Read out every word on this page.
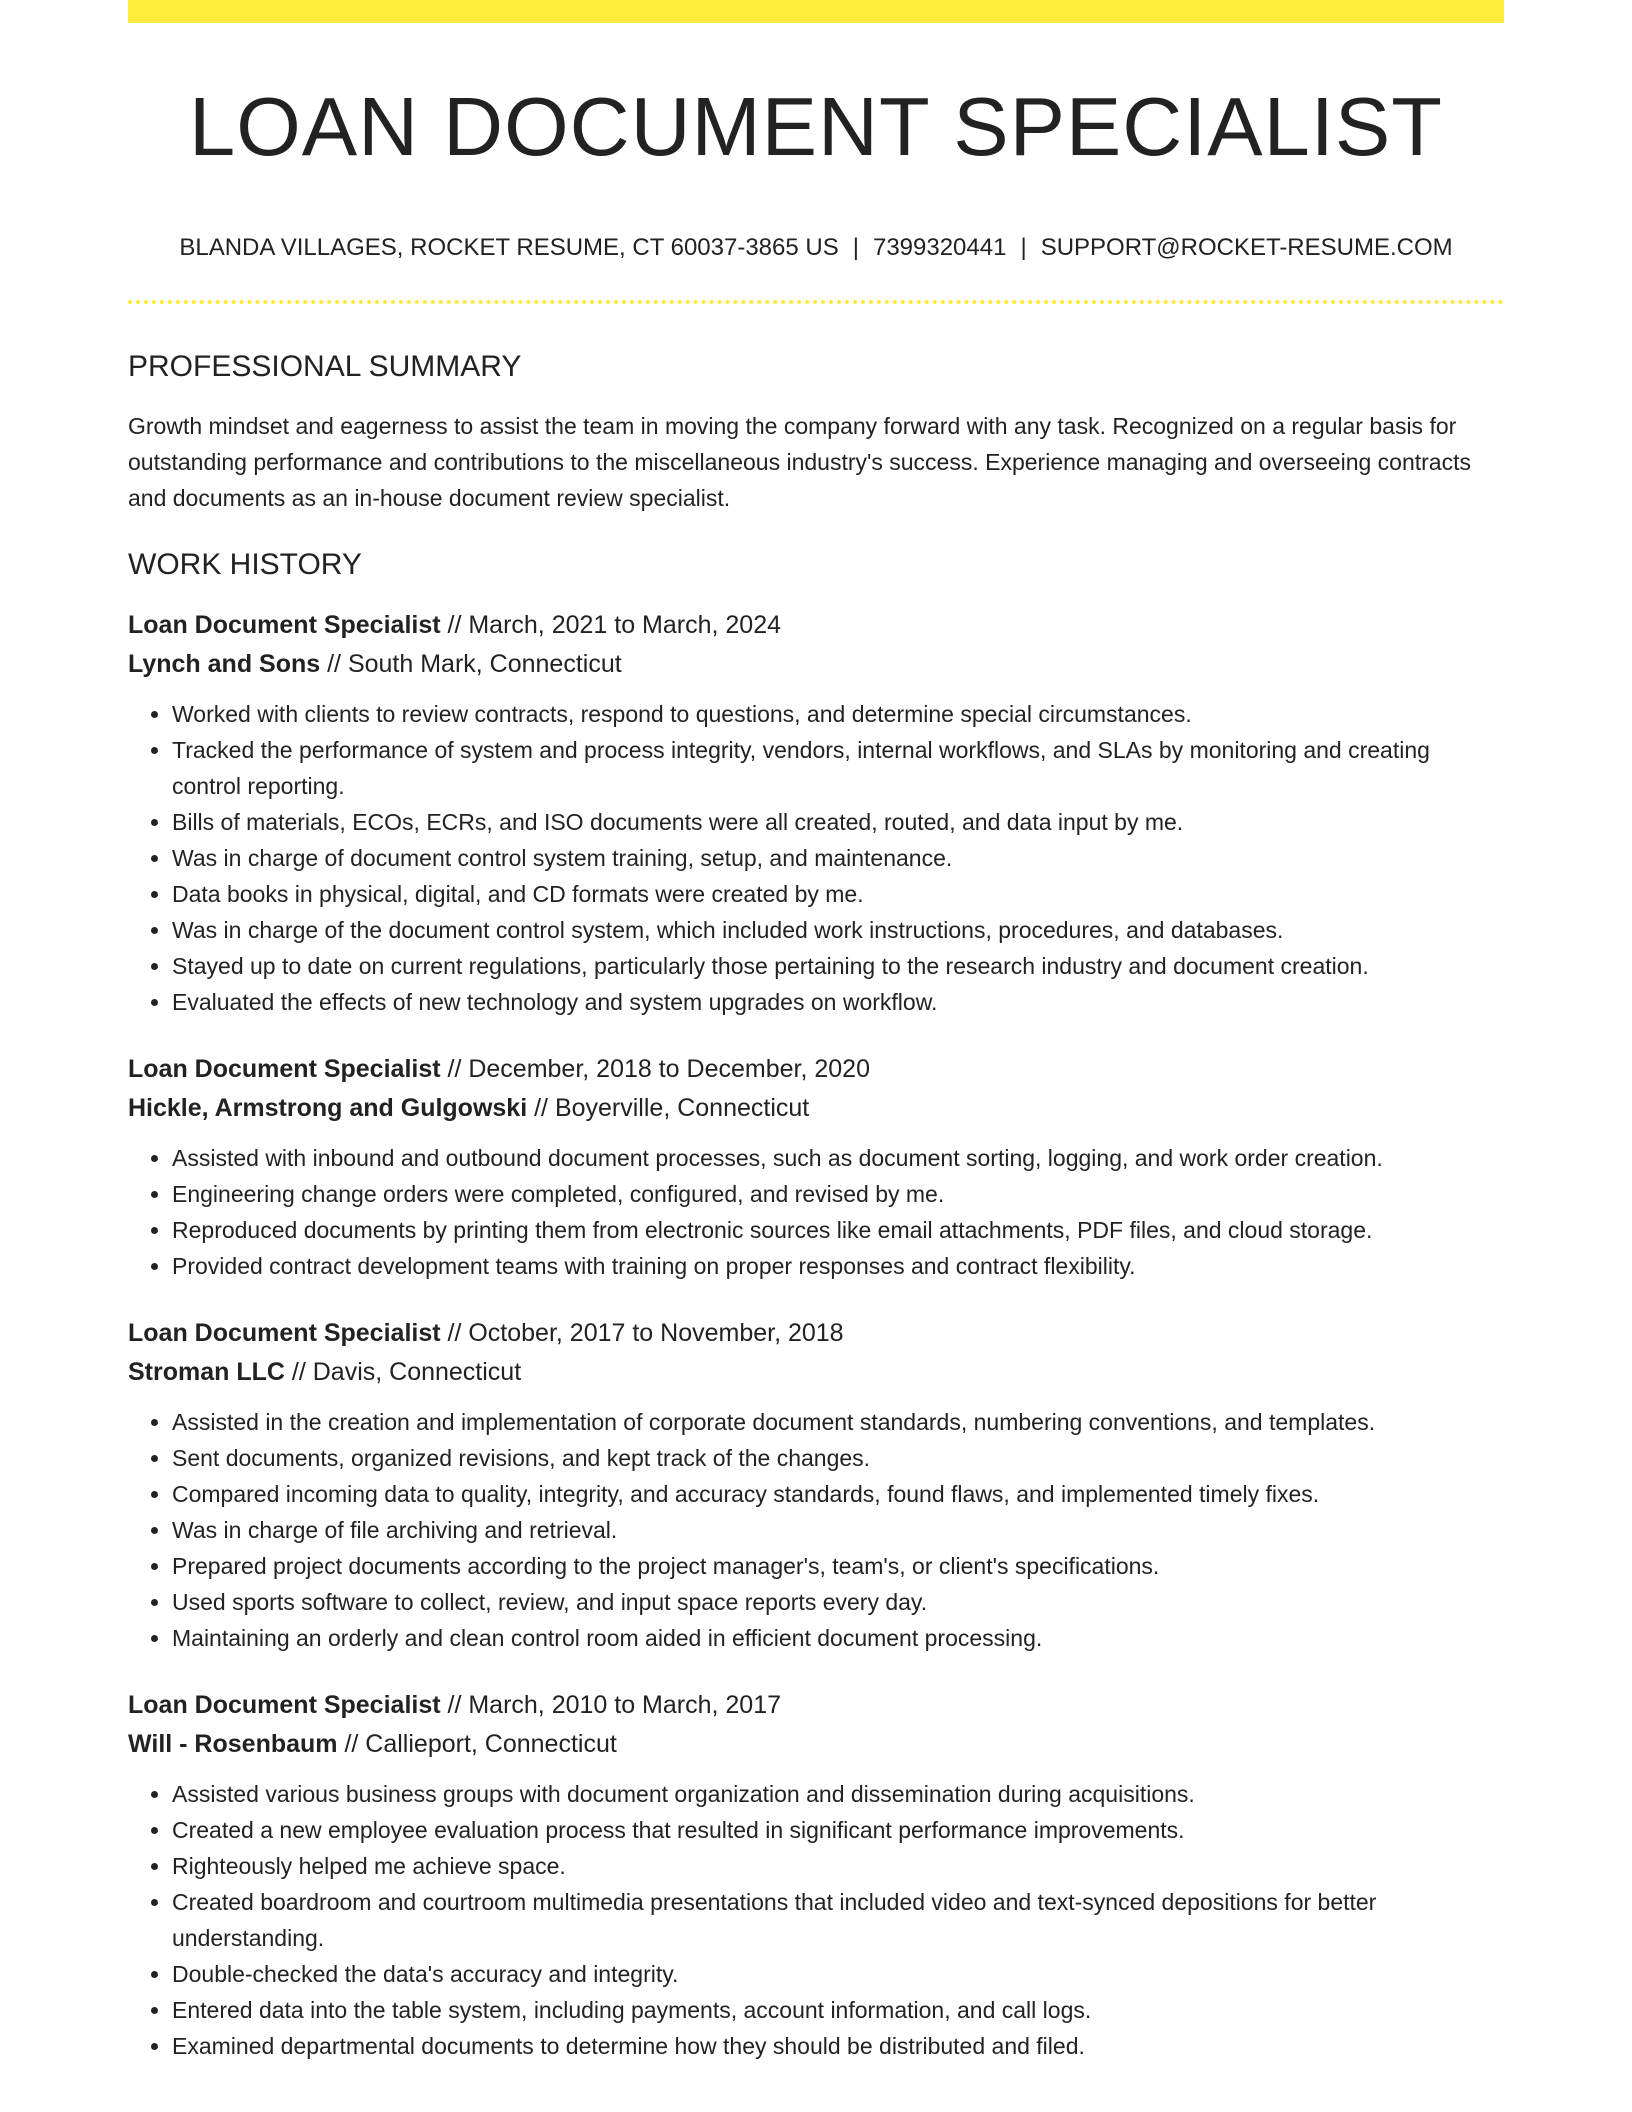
LOAN DOCUMENT SPECIALIST
BLANDA VILLAGES, ROCKET RESUME, CT 60037-3865 US | 7399320441 | SUPPORT@ROCKET-RESUME.COM
PROFESSIONAL SUMMARY

Growth mindset and eagerness to assist the team in moving the company forward with any task. Recognized on a regular basis for outstanding performance and contributions to the miscellaneous industry's success. Experience managing and overseeing contracts and documents as an in-house document review specialist.

WORK HISTORY
Loan Document Specialist // March, 2021 to March, 2024
Lynch and Sons // South Mark, Connecticut
• Worked with clients to review contracts, respond to questions, and determine special circumstances.
• Tracked the performance of system and process integrity, vendors, internal workflows, and SLAs by monitoring and creating control reporting.
• Bills of materials, ECOs, ECRs, and ISO documents were all created, routed, and data input by me.
• Was in charge of document control system training, setup, and maintenance.
• Data books in physical, digital, and CD formats were created by me.
• Was in charge of the document control system, which included work instructions, procedures, and databases.
• Stayed up to date on current regulations, particularly those pertaining to the research industry and document creation.
• Evaluated the effects of new technology and system upgrades on workflow.
Loan Document Specialist // December, 2018 to December, 2020
Hickle, Armstrong and Gulgowski // Boyerville, Connecticut
• Assisted with inbound and outbound document processes, such as document sorting, logging, and work order creation.
• Engineering change orders were completed, configured, and revised by me.
• Reproduced documents by printing them from electronic sources like email attachments, PDF files, and cloud storage.
• Provided contract development teams with training on proper responses and contract flexibility.
Loan Document Specialist // October, 2017 to November, 2018
Stroman LLC // Davis, Connecticut
• Assisted in the creation and implementation of corporate document standards, numbering conventions, and templates.
• Sent documents, organized revisions, and kept track of the changes.
• Compared incoming data to quality, integrity, and accuracy standards, found flaws, and implemented timely fixes.
• Was in charge of file archiving and retrieval.
• Prepared project documents according to the project manager's, team's, or client's specifications.
• Used sports software to collect, review, and input space reports every day.
• Maintaining an orderly and clean control room aided in efficient document processing.
Loan Document Specialist // March, 2010 to March, 2017
Will - Rosenbaum // Callieport, Connecticut
• Assisted various business groups with document organization and dissemination during acquisitions.
• Created a new employee evaluation process that resulted in significant performance improvements.
• Righteously helped me achieve space.
• Created boardroom and courtroom multimedia presentations that included video and text-synced depositions for better understanding.
• Double-checked the data's accuracy and integrity.
• Entered data into the table system, including payments, account information, and call logs.
• Examined departmental documents to determine how they should be distributed and filed.
